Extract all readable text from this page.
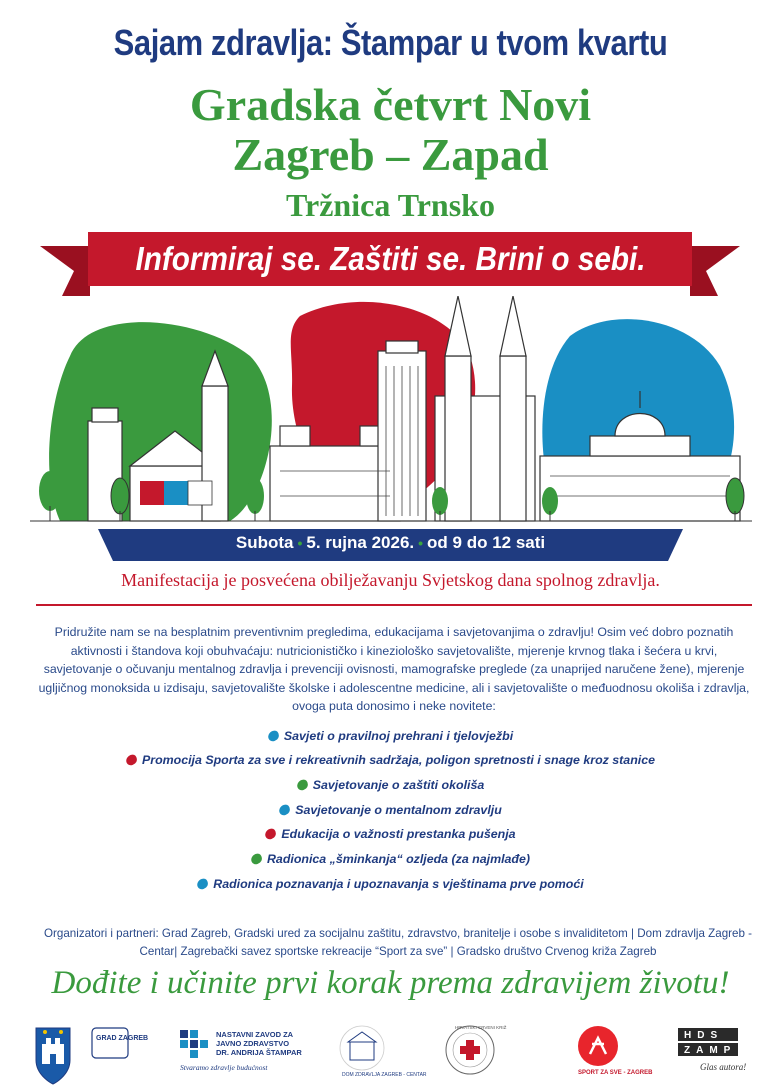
Sajam zdravlja: Štampar u tvom kvartu
Gradska četvrt Novi
Zagreb – Zapad
Tržnica Trnsko
Informiraj se. Zaštiti se. Brini o sebi.
Subota • 5. rujna 2026. • od 9 do 12 sati
Manifestacija je posvećena obilježavanju Svjetskog dana spolnog zdravlja.
Pridružite nam se na besplatnim preventivnim pregledima, edukacijama i savjetovanjima o zdravlju! Osim već dobro poznatih aktivnosti i štandova koji obuhvaćaju: nutricionističko i kineziološko savjetovalište, mjerenje krvnog tlaka i šećera u krvi, savjetovanje o očuvanju mentalnog zdravlja i prevenciji ovisnosti, mamografske preglede (za unaprijed naručene žene), mjerenje ugljičnog monoksida u izdisaju, savjetovalište školske i adolescentne medicine, ali i savjetovalište o međuodnosu okoliša i zdravlja, ovoga puta donosimo i neke novitete:
Savjeti o pravilnoj prehrani i tjelovježbi
Promocija Sporta za sve i rekreativnih sadržaja, poligon spretnosti i snage kroz stanice
Savjetovanje o zaštiti okoliša
Savjetovanje o mentalnom zdravlju
Edukacija o važnosti prestanka pušenja
Radionica „šminkanja“ ozljeda (za najmlađe)
Radionica poznavanja i upoznavanja s vještinama prve pomoći
Organizatori i partneri: Grad Zagreb, Gradski ured za socijalnu zaštitu, zdravstvo, branitelje i osobe s invaliditetom | Dom zdravlja Zagreb - Centar| Zagrebački savez sportske rekreacije “Sport za sve” | Gradsko društvo Crvenog križa Zagreb
Dođite i učinite prvi korak prema zdravijem životu!
GRAD ZAGREB	NASTAVNI ZAVOD ZA
JAVNO ZDRAVSTVO
DR. ANDRIJA ŠTAMPAR
Stvaramo zdravlje budućnost
DOM ZDRAVLJA ZAGREB - CENTAR
HRVATSKI CRVENI KRIŽ
SPORT ZA SVE - ZAGREB
HDS
ZAMP
Glas autora!
